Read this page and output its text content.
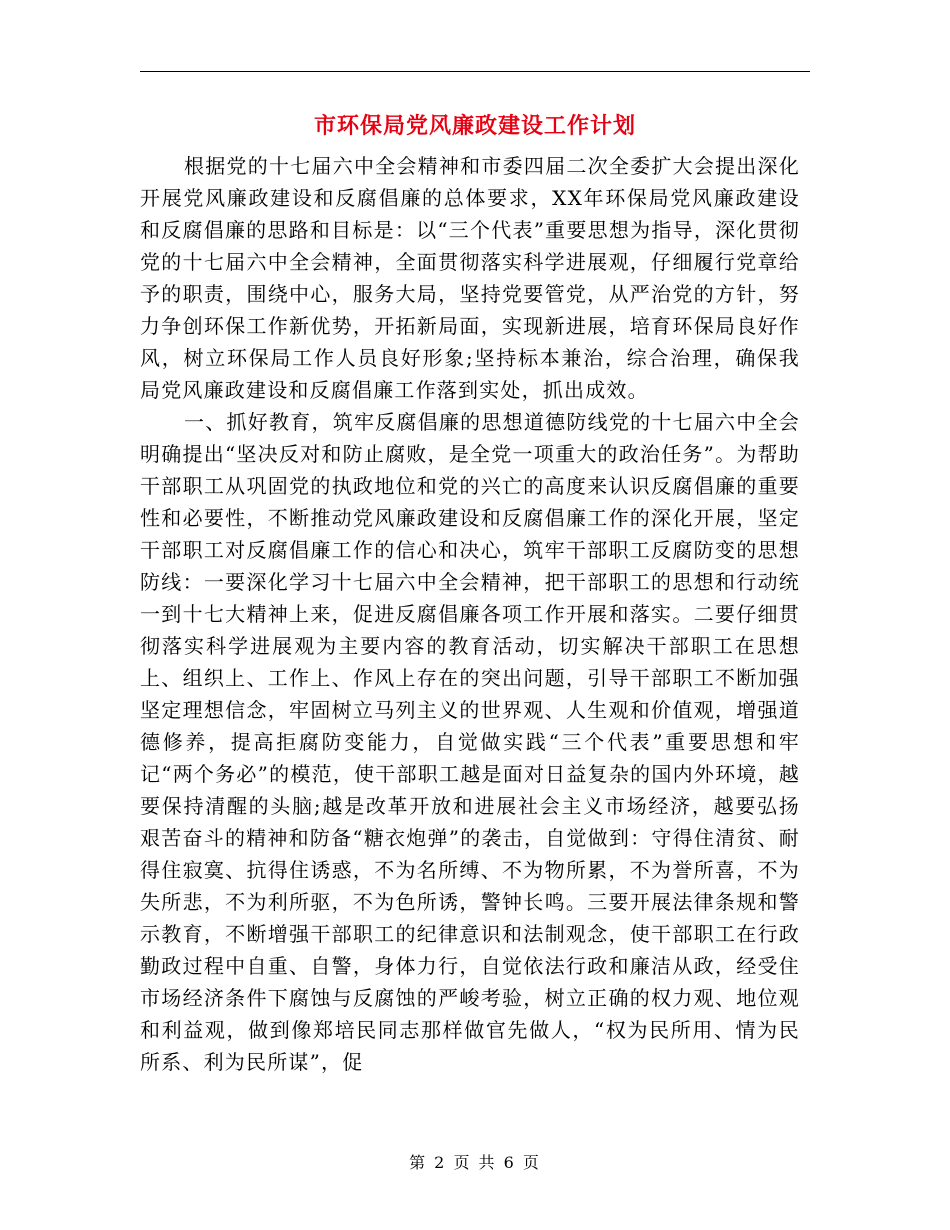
市环保局党风廉政建设工作计划

根据党的十七届六中全会精神和市委四届二次全委扩大会提出深化开展党风廉政建设和反腐倡廉的总体要求，XX年环保局党风廉政建设和反腐倡廉的思路和目标是：以“三个代表”重要思想为指导，深化贯彻党的十七届六中全会精神，全面贯彻落实科学进展观，仔细履行党章给予的职责，围绕中心，服务大局，坚持党要管党，从严治党的方针，努力争创环保工作新优势，开拓新局面，实现新进展，培育环保局良好作风，树立环保局工作人员良好形象;坚持标本兼治，综合治理，确保我局党风廉政建设和反腐倡廉工作落到实处，抓出成效。

一、抓好教育，筑牢反腐倡廉的思想道德防线党的十七届六中全会明确提出“坚决反对和防止腐败，是全党一项重大的政治任务”。为帮助干部职工从巩固党的执政地位和党的兴亡的高度来认识反腐倡廉的重要性和必要性，不断推动党风廉政建设和反腐倡廉工作的深化开展，坚定干部职工对反腐倡廉工作的信心和决心，筑牢干部职工反腐防变的思想防线：一要深化学习十七届六中全会精神，把干部职工的思想和行动统一到十七大精神上来，促进反腐倡廉各项工作开展和落实。二要仔细贯彻落实科学进展观为主要内容的教育活动，切实解决干部职工在思想上、组织上、工作上、作风上存在的突出问题，引导干部职工不断加强坚定理想信念，牢固树立马列主义的世界观、人生观和价值观，增强道德修养，提高拒腐防变能力，自觉做实践“三个代表”重要思想和牢记“两个务必”的模范，使干部职工越是面对日益复杂的国内外环境，越要保持清醒的头脑;越是改革开放和进展社会主义市场经济，越要弘扬艰苦奋斗的精神和防备“糖衣炮弹”的袭击，自觉做到：守得住清贫、耐得住寂寞、抗得住诱惑，不为名所缚、不为物所累，不为誉所喜，不为失所悲，不为利所驱，不为色所诱，警钟长鸣。三要开展法律条规和警示教育，不断增强干部职工的纪律意识和法制观念，使干部职工在行政勤政过程中自重、自警，身体力行，自觉依法行政和廉洁从政，经受住市场经济条件下腐蚀与反腐蚀的严峻考验，树立正确的权力观、地位观和利益观，做到像郑培民同志那样做官先做人，“权为民所用、情为民所系、利为民所谋”，促

第 2 页 共 6 页
